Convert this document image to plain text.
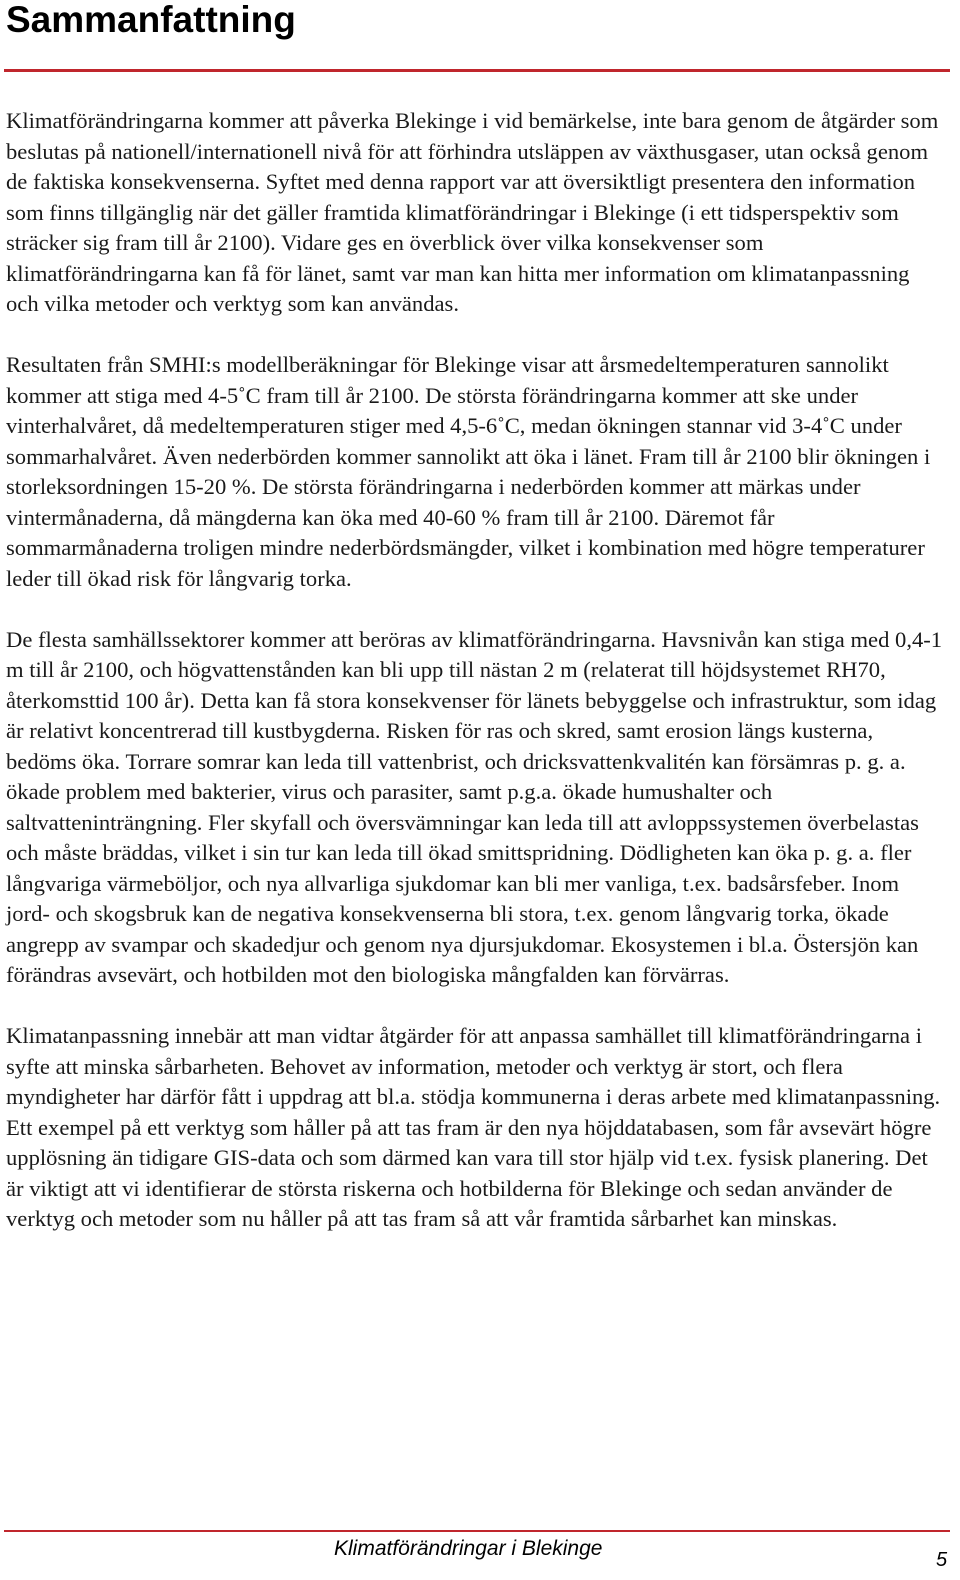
Sammanfattning

Klimatförändringarna kommer att påverka Blekinge i vid bemärkelse, inte bara genom de åtgärder som beslutas på nationell/internationell nivå för att förhindra utsläppen av växthusgaser, utan också genom de faktiska konsekvenserna. Syftet med denna rapport var att översiktligt presentera den information som finns tillgänglig när det gäller framtida klimatförändringar i Blekinge (i ett tidsperspektiv som sträcker sig fram till år 2100). Vidare ges en överblick över vilka konsekvenser som klimatförändringarna kan få för länet, samt var man kan hitta mer information om klimatanpassning och vilka metoder och verktyg som kan användas.

Resultaten från SMHI:s modellberäkningar för Blekinge visar att årsmedeltemperaturen sannolikt kommer att stiga med 4-5˚C fram till år 2100. De största förändringarna kommer att ske under vinterhalvåret, då medeltemperaturen stiger med 4,5-6˚C, medan ökningen stannar vid 3-4˚C under sommarhalvåret. Även nederbörden kommer sannolikt att öka i länet. Fram till år 2100 blir ökningen i storleksordningen 15-20 %. De största förändringarna i nederbörden kommer att märkas under vintermånaderna, då mängderna kan öka med 40-60 % fram till år 2100. Däremot får sommarmånaderna troligen mindre nederbördsmängder, vilket i kombination med högre temperaturer leder till ökad risk för långvarig torka.

De flesta samhällssektorer kommer att beröras av klimatförändringarna. Havsnivån kan stiga med 0,4-1 m till år 2100, och högvattenstånden kan bli upp till nästan 2 m (relaterat till höjdsystemet RH70, återkomsttid 100 år). Detta kan få stora konsekvenser för länets bebyggelse och infrastruktur, som idag är relativt koncentrerad till kustbygderna. Risken för ras och skred, samt erosion längs kusterna, bedöms öka. Torrare somrar kan leda till vattenbrist, och dricksvattenkvalitén kan försämras p. g. a. ökade problem med bakterier, virus och parasiter, samt p.g.a. ökade humushalter och saltvatteninträngning. Fler skyfall och översvämningar kan leda till att avloppssystemen överbelastas och måste bräddas, vilket i sin tur kan leda till ökad smittspridning. Dödligheten kan öka p. g. a. fler långvariga värmeböljor, och nya allvarliga sjukdomar kan bli mer vanliga, t.ex. badsårsfeber. Inom jord- och skogsbruk kan de negativa konsekvenserna bli stora, t.ex. genom långvarig torka, ökade angrepp av svampar och skadedjur och genom nya djursjukdomar. Ekosystemen i bl.a. Östersjön kan förändras avsevärt, och hotbilden mot den biologiska mångfalden kan förvärras.

Klimatanpassning innebär att man vidtar åtgärder för att anpassa samhället till klimatförändringarna i syfte att minska sårbarheten. Behovet av information, metoder och verktyg är stort, och flera myndigheter har därför fått i uppdrag att bl.a. stödja kommunerna i deras arbete med klimatanpassning. Ett exempel på ett verktyg som håller på att tas fram är den nya höjddatabasen, som får avsevärt högre upplösning än tidigare GIS-data och som därmed kan vara till stor hjälp vid t.ex. fysisk planering. Det är viktigt att vi identifierar de största riskerna och hotbilderna för Blekinge och sedan använder de verktyg och metoder som nu håller på att tas fram så att vår framtida sårbarhet kan minskas.

Klimatförändringar i Blekinge	5
